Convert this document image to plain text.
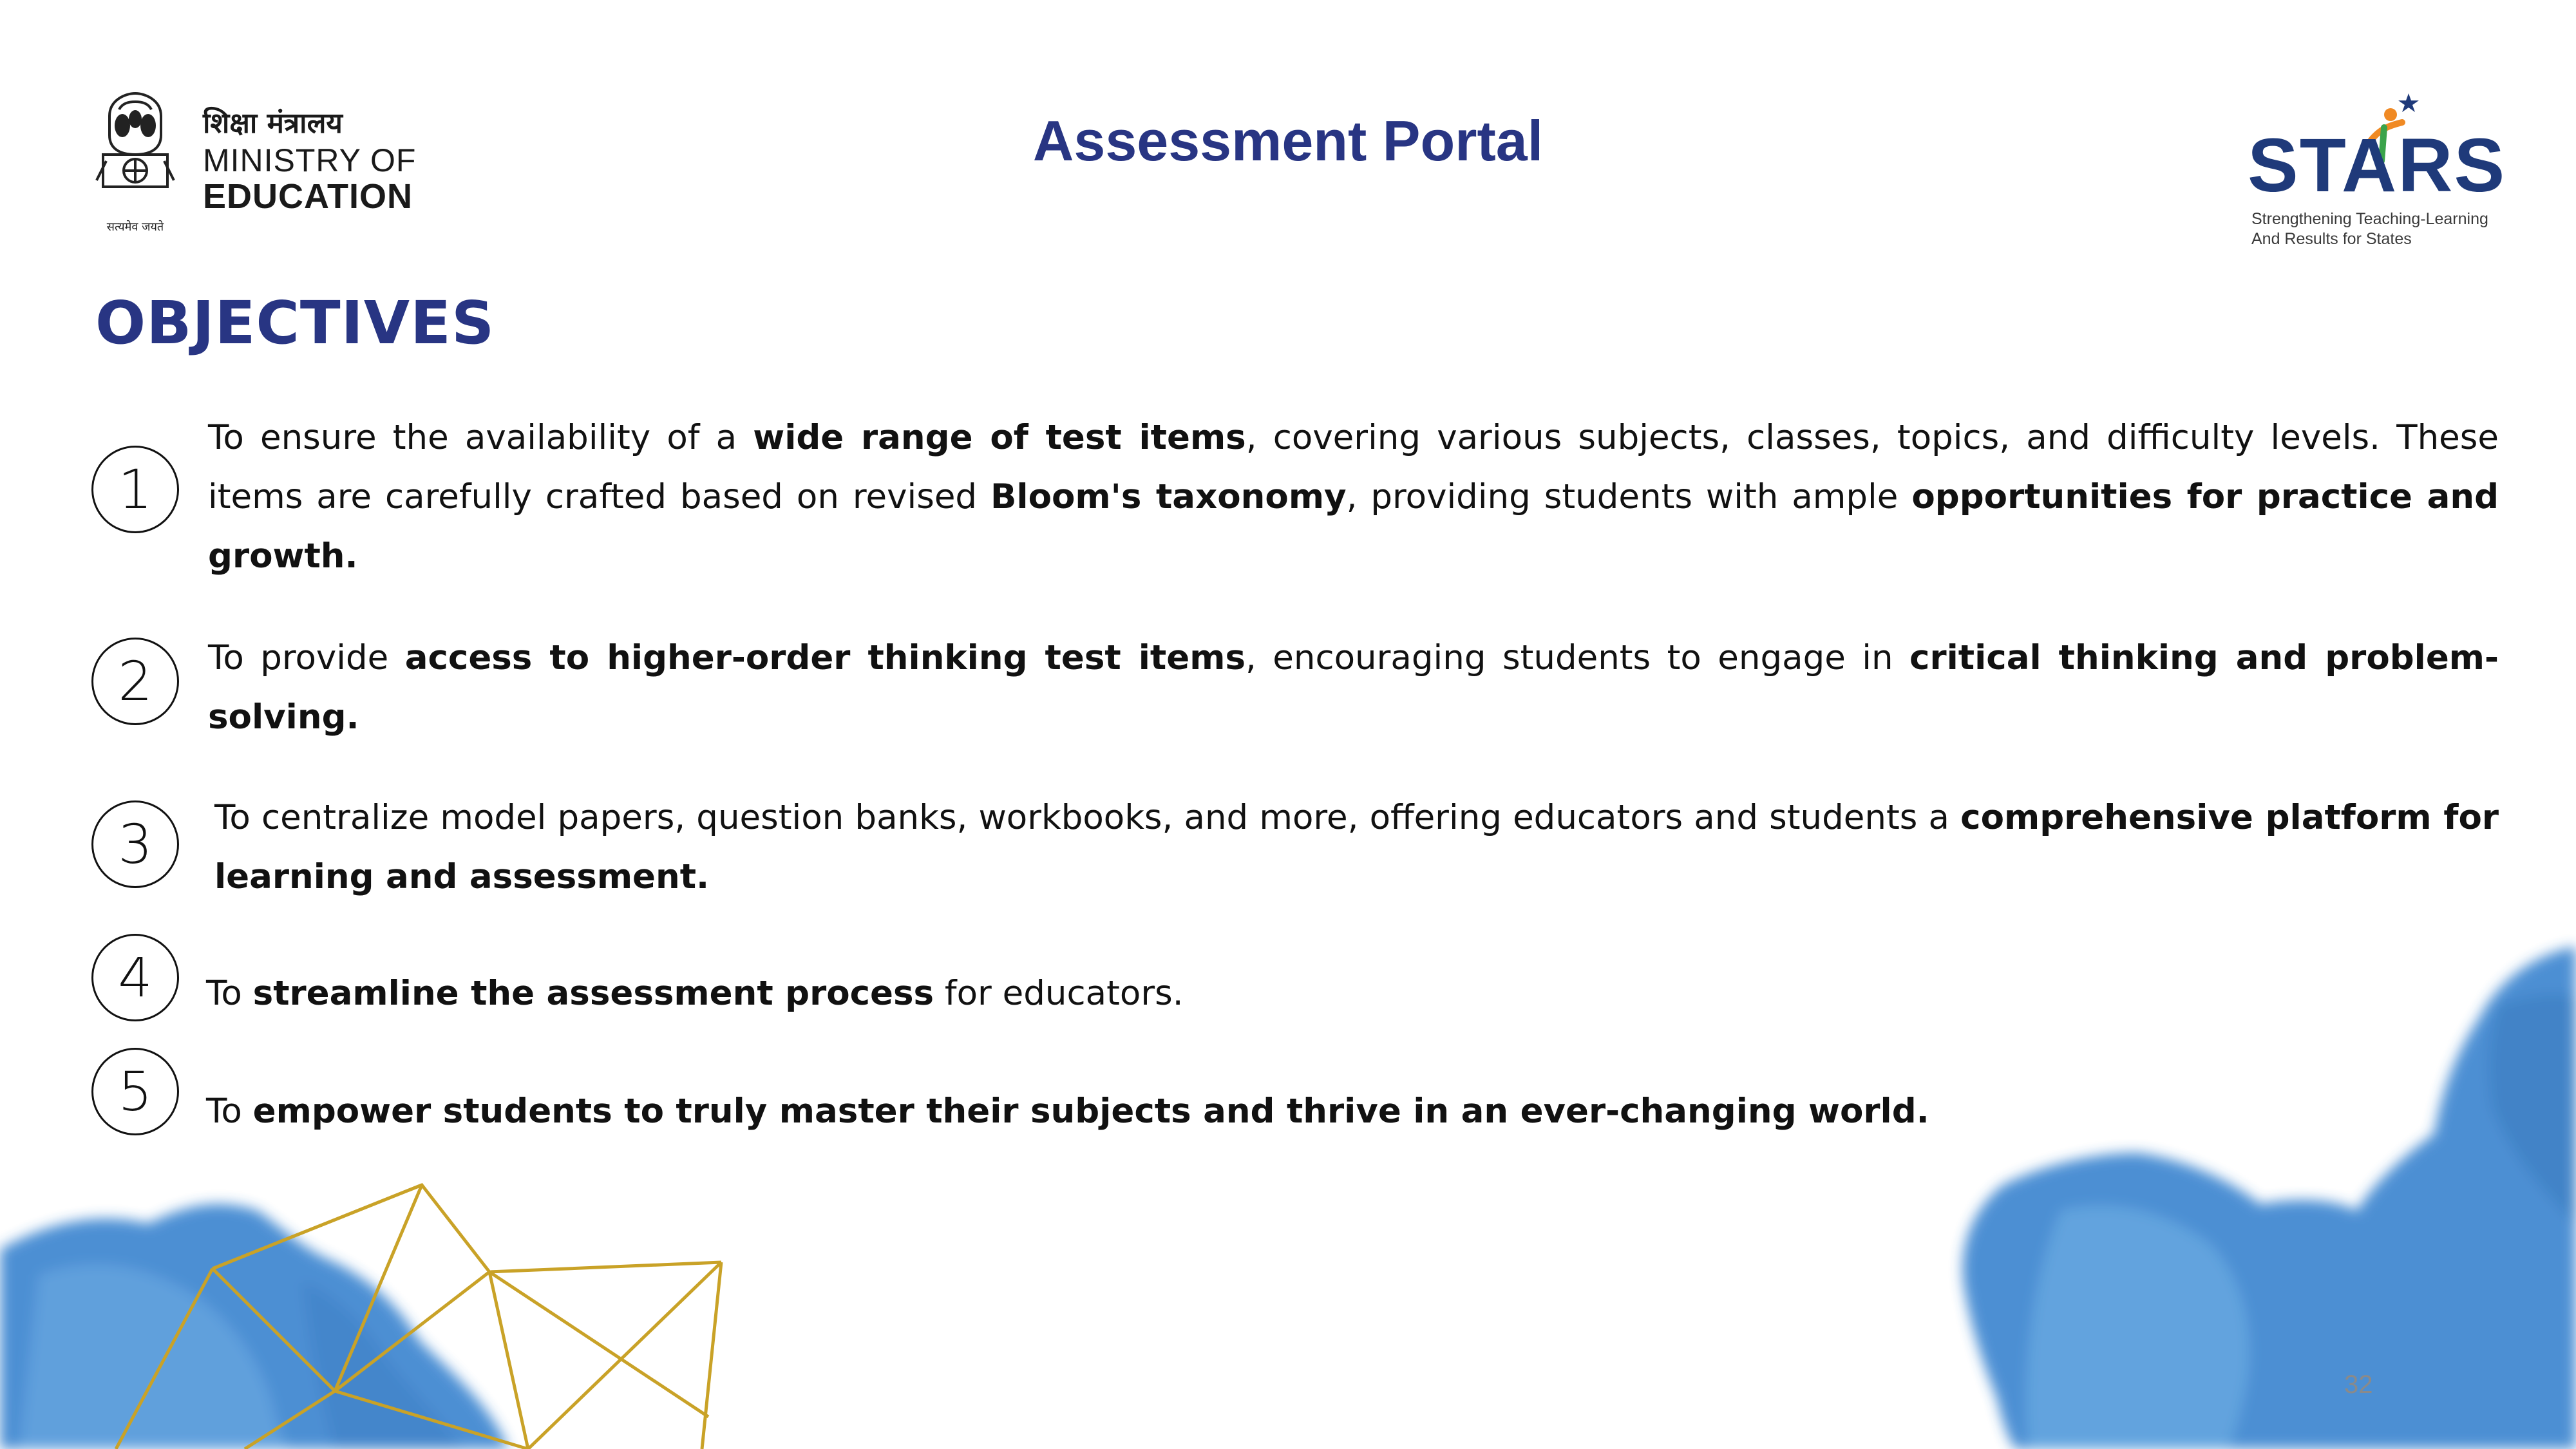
सत्यमेव जयते
शिक्षा मंत्रालय
MINISTRY OF
EDUCATION
Assessment Portal	STARS
Strengthening Teaching-Learning
And Results for States
OBJECTIVES
1
To ensure the availability of a wide range of test items, covering various subjects, classes, topics, and difficulty levels. These items are carefully crafted based on revised Bloom's taxonomy, providing students with ample opportunities for practice and growth.
2	To provide access to higher-order thinking test items, encouraging students to engage in critical thinking and problem-solving.
3	To centralize model papers, question banks, workbooks, and more, offering educators and students a comprehensive platform for learning and assessment.
4	To streamline the assessment process for educators.
5	To empower students to truly master their subjects and thrive in an ever-changing world.
32
